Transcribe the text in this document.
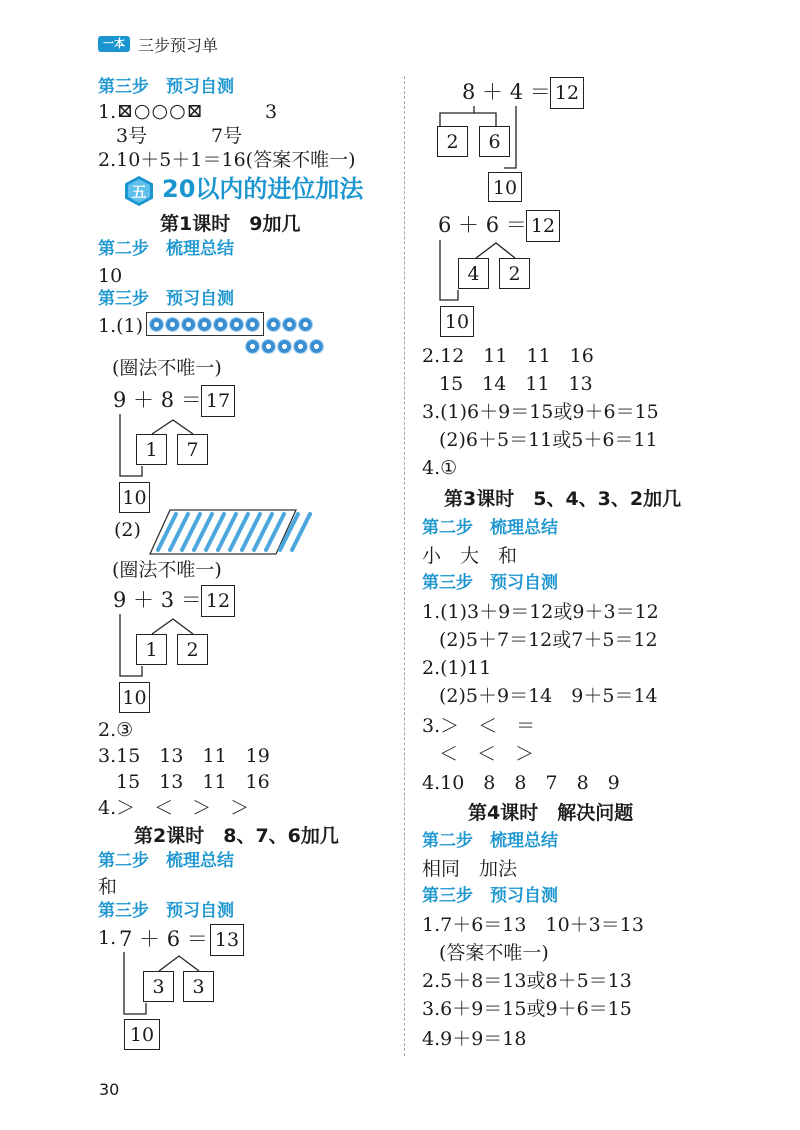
一本 三步预习单
第三步　预习自测
1. ⊠○○○⊠	3
3号	7号
2.10＋5＋1＝16(答案不唯一)
五 20以内的进位加法
第1课时　9加几
第二步　梳理总结
10
第三步　预习自测
1.(1)

(圈法不唯一)
9 ＋ 8 ＝ 17
1	7
10
(2)
(圈法不唯一)
9 ＋ 3 ＝ 12
1	2
10
2.③
3.15　13　11　19
15　13　11　16
4.＞　＜　＞　＞
第2课时　8、7、6加几
第二步　梳理总结
和
第三步　预习自测
1. 7 ＋ 6 ＝ 13
3	3
10
8 ＋ 4 ＝ 12
2	6
10
6 ＋ 6 ＝ 12
4	2
10
2.12　11　11　16
15　14　11　13
3.(1)6＋9＝15或9＋6＝15
(2)6＋5＝11或5＋6＝11
4.①
第3课时　5、4、3、2加几
第二步　梳理总结
小　大　和
第三步　预习自测
1.(1)3＋9＝12或9＋3＝12
(2)5＋7＝12或7＋5＝12
2.(1)11
(2)5＋9＝14　9＋5＝14
3.＞　＜　＝
＜　＜　＞
4.10　8　8　7　8　9
第4课时　解决问题
第二步　梳理总结
相同　加法
第三步　预习自测
1.7＋6＝13　10＋3＝13
(答案不唯一)
2.5＋8＝13或8＋5＝13
3.6＋9＝15或9＋6＝15
4.9＋9＝18
30
